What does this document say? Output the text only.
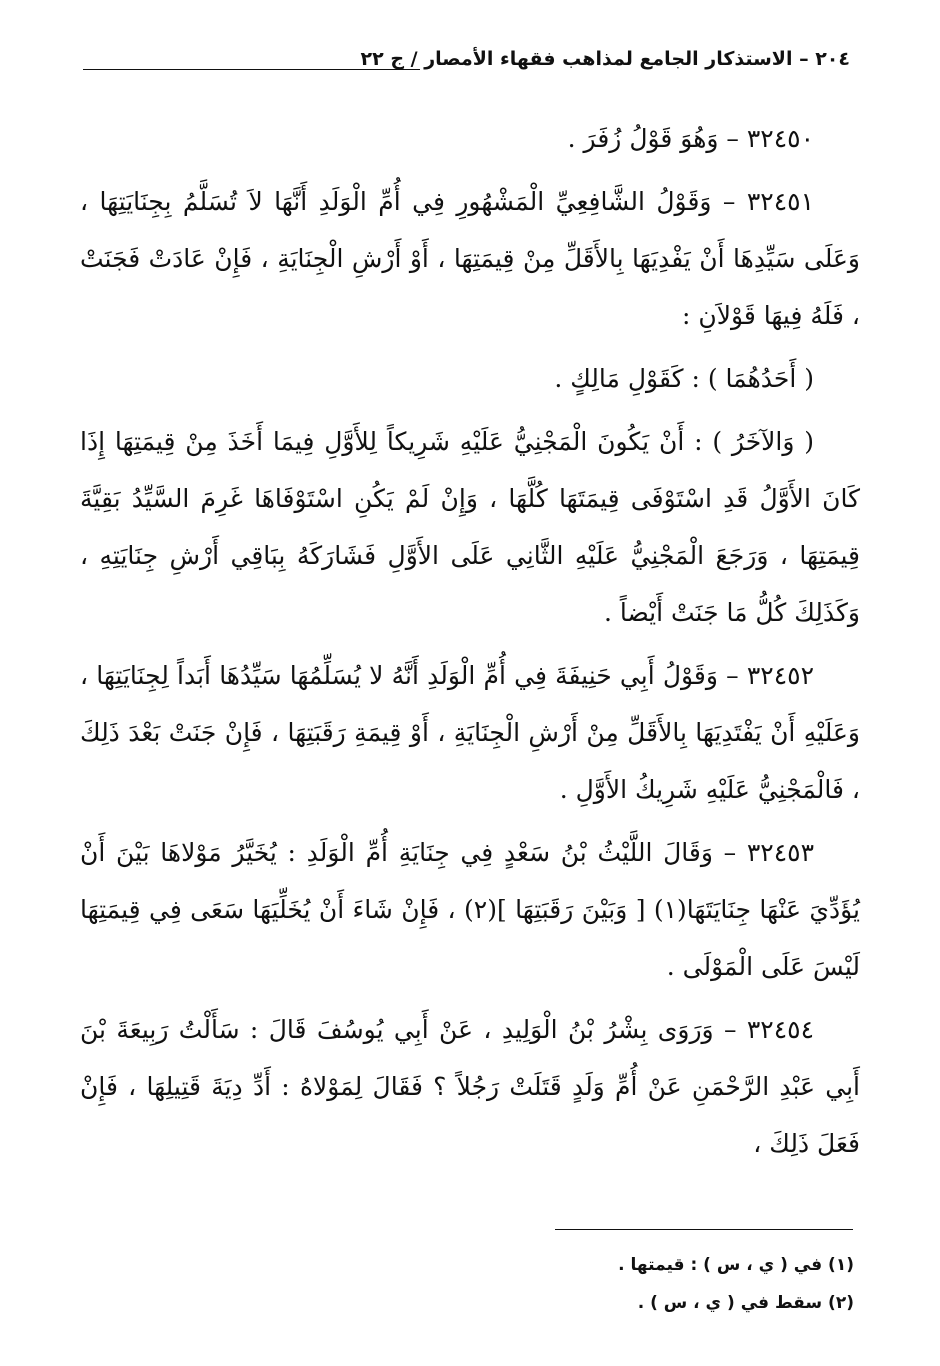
٢٠٤ – الاستذكار الجامع لمذاهب فقهاء الأمصار / ج ٢٢

٣٢٤٥٠ – وَهُوَ قَوْلُ زُفَرَ .

٣٢٤٥١ – وَقَوْلُ الشَّافِعِيِّ الْمَشْهُورِ فِي أُمِّ الْوَلَدِ أَنَّهَا لاَ تُسَلَّمُ بِجِنَايَتِهَا ، وَعَلَى سَيِّدِهَا أَنْ يَفْدِيَهَا بِالأَقَلِّ مِنْ قِيمَتِهَا ، أَوْ أَرْشِ الْجِنَايَةِ ، فَإِنْ عَادَتْ فَجَنَتْ ، فَلَهُ فِيهَا قَوْلاَنِ :

( أَحَدُهُمَا ) : كَقَوْلِ مَالِكٍ .

( وَالآخَرُ ) : أَنْ يَكُونَ الْمَجْنِيُّ عَلَيْهِ شَرِيكاً لِلأَوَّلِ فِيمَا أَخَذَ مِنْ قِيمَتِهَا إِذَا كَانَ الأَوَّلُ قَدِ اسْتَوْفَى قِيمَتَهَا كُلَّهَا ، وَإِنْ لَمْ يَكُنِ اسْتَوْفَاهَا غَرِمَ السَّيِّدُ بَقِيَّةَ قِيمَتِهَا ، وَرَجَعَ الْمَجْنِيُّ عَلَيْهِ الثَّانِي عَلَى الأَوَّلِ فَشَارَكَهُ بِبَاقِي أَرْشِ جِنَايَتِهِ ، وَكَذَلِكَ كُلُّ مَا جَنَتْ أَيْضاً .

٣٢٤٥٢ – وَقَوْلُ أَبِي حَنِيفَةَ فِي أُمِّ الْوَلَدِ أَنَّهُ لا يُسَلِّمُهَا سَيِّدُهَا أَبَداً لِجِنَايَتِهَا ، وَعَلَيْهِ أَنْ يَفْتَدِيَهَا بِالأَقَلِّ مِنْ أَرْشِ الْجِنَايَةِ ، أَوْ قِيمَةِ رَقَبَتِهَا ، فَإِنْ جَنَتْ بَعْدَ ذَلِكَ ، فَالْمَجْنِيُّ عَلَيْهِ شَرِيكُ الأَوَّلِ .

٣٢٤٥٣ – وَقَالَ اللَّيْثُ بْنُ سَعْدٍ فِي جِنَايَةِ أُمِّ الْوَلَدِ : يُخَيَّرُ مَوْلاهَا بَيْنَ أَنْ يُؤَدِّيَ عَنْهَا جِنَايَتَهَا(١) [ وَبَيْنَ رَقَبَتِهَا ](٢) ، فَإِنْ شَاءَ أَنْ يُخَلِّيَهَا سَعَى فِي قِيمَتِهَا لَيْسَ عَلَى الْمَوْلَى .

٣٢٤٥٤ – وَرَوَى بِشْرُ بْنُ الْوَلِيدِ ، عَنْ أَبِي يُوسُفَ قَالَ : سَأَلْتُ رَبِيعَةَ بْنَ أَبِي عَبْدِ الرَّحْمَنِ عَنْ أُمِّ وَلَدٍ قَتَلَتْ رَجُلاً ؟ فَقَالَ لِمَوْلاهُ : أَدِّ دِيَةَ قَتِيلِهَا ، فَإِنْ فَعَلَ ذَلِكَ ،

(١) في ( ي ، س ) : قيمتها .

(٢) سقط في ( ي ، س ) .
